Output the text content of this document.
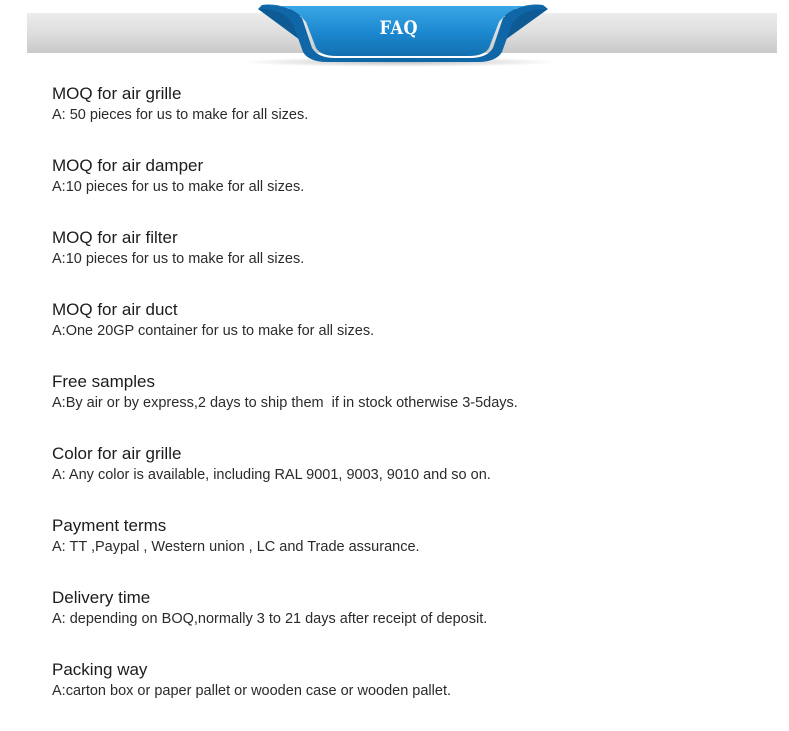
FAQ
MOQ for air grille
A: 50 pieces for us to make for all sizes.
MOQ for air damper
A:10 pieces for us to make for all sizes.
MOQ for air filter
A:10 pieces for us to make for all sizes.
MOQ for air duct
A:One 20GP container for us to make for all sizes.
Free samples
A:By air or by express,2 days to ship them  if in stock otherwise 3-5days.
Color for air grille
A: Any color is available, including RAL 9001, 9003, 9010 and so on.
Payment terms
A: TT ,Paypal , Western union , LC and Trade assurance.
Delivery time
A: depending on BOQ,normally 3 to 21 days after receipt of deposit.
Packing way
A:carton box or paper pallet or wooden case or wooden pallet.
